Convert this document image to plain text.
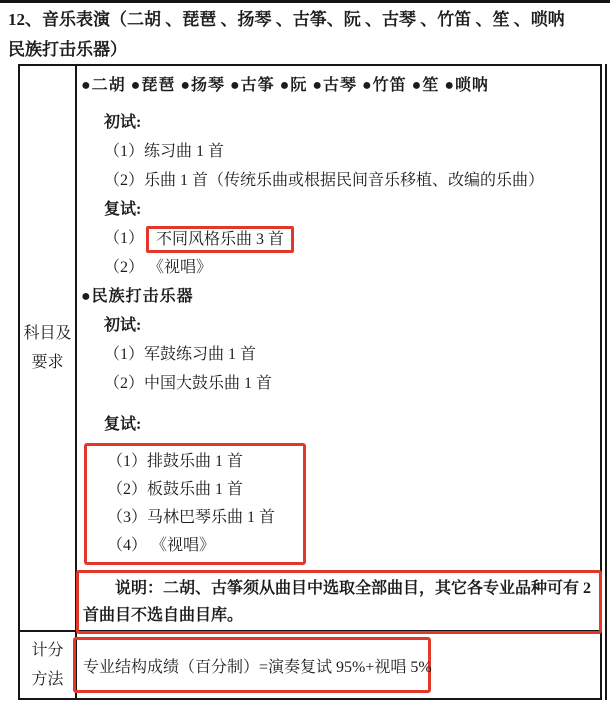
12、音乐表演（二胡 、琵琶 、扬琴 、古筝、阮 、古琴 、竹笛 、笙 、唢呐
民族打击乐器）
科目及
要求
●二胡 ●琵琶 ●扬琴 ●古筝 ●阮 ●古琴 ●竹笛 ●笙 ●唢呐
初试:
（1）练习曲 1 首
（2）乐曲 1 首（传统乐曲或根据民间音乐移植、改编的乐曲）
复试:
（1） 不同风格乐曲 3 首
（2） 《视唱》
●民族打击乐器
初试:
（1）军鼓练习曲 1 首
（2）中国大鼓乐曲 1 首
复试:
（1）排鼓乐曲 1 首
（2）板鼓乐曲 1 首
（3）马林巴琴乐曲 1 首
（4） 《视唱》
说明：二胡、古筝须从曲目中选取全部曲目，其它各专业品种可有 2
首曲目不选自曲目库。
计分
方法
专业结构成绩（百分制）=演奏复试 95%+视唱 5%
